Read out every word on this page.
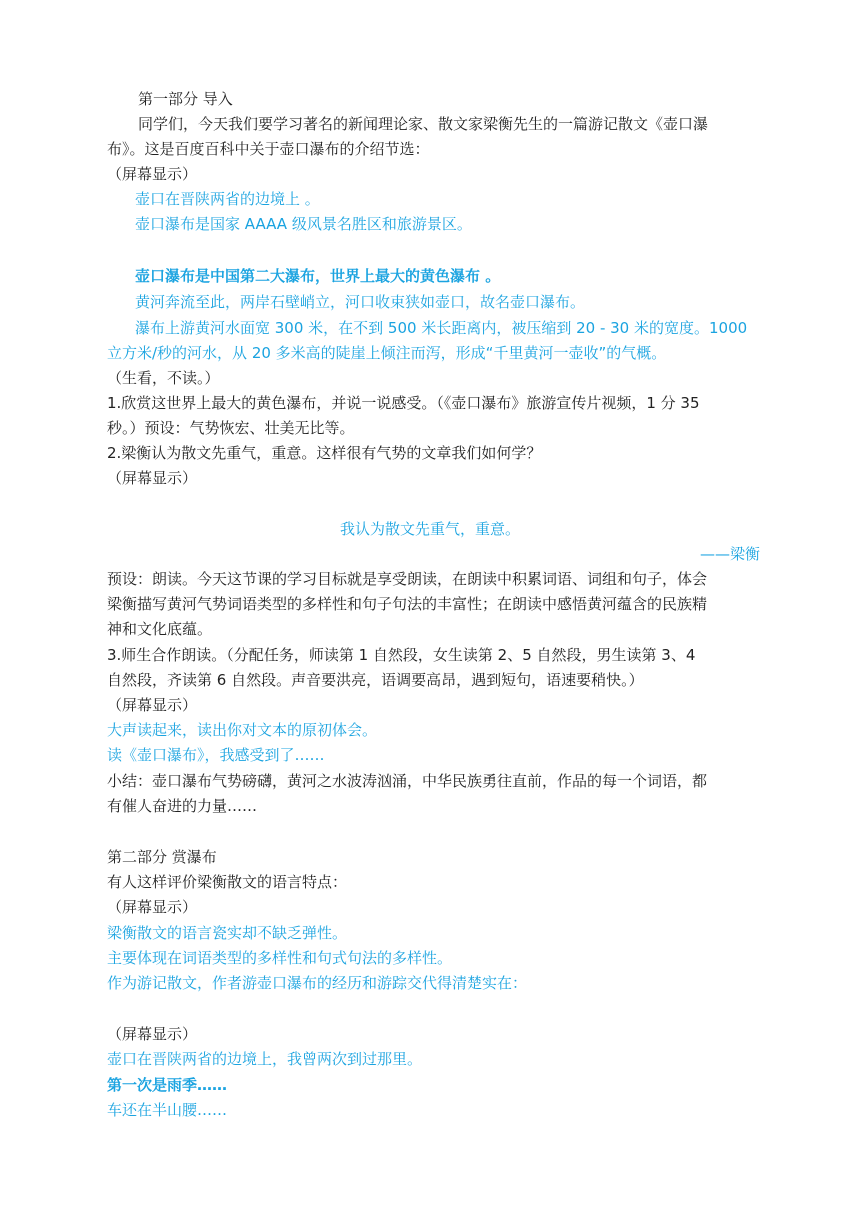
第一部分 导入
同学们，今天我们要学习著名的新闻理论家、散文家梁衡先生的一篇游记散文《壶口瀑
布》。这是百度百科中关于壶口瀑布的介绍节选：
（屏幕显示）
壶口在晋陕两省的边境上 。
壶口瀑布是国家 AAAA 级风景名胜区和旅游景区。
壶口瀑布是中国第二大瀑布，世界上最大的黄色瀑布 。
黄河奔流至此，两岸石壁峭立，河口收束狭如壶口，故名壶口瀑布。
瀑布上游黄河水面宽 300 米，在不到 500 米长距离内，被压缩到 20 - 30 米的宽度。1000
立方米/秒的河水，从 20 多米高的陡崖上倾注而泻，形成“千里黄河一壶收”的气概。
（生看，不读。）
1.欣赏这世界上最大的黄色瀑布，并说一说感受。（《壶口瀑布》旅游宣传片视频，1 分 35
秒。）预设：气势恢宏、壮美无比等。
2.梁衡认为散文先重气，重意。这样很有气势的文章我们如何学？
（屏幕显示）
我认为散文先重气，重意。
——梁衡
预设：朗读。今天这节课的学习目标就是享受朗读，在朗读中积累词语、词组和句子，体会
梁衡描写黄河气势词语类型的多样性和句子句法的丰富性；在朗读中感悟黄河蕴含的民族精
神和文化底蕴。
3.师生合作朗读。（分配任务，师读第 1 自然段，女生读第 2、5 自然段，男生读第 3、4
自然段，齐读第 6 自然段。声音要洪亮，语调要高昂，遇到短句，语速要稍快。）
（屏幕显示）
大声读起来，读出你对文本的原初体会。
读《壶口瀑布》，我感受到了……
小结：壶口瀑布气势磅礴，黄河之水波涛汹涌，中华民族勇往直前，作品的每一个词语，都
有催人奋进的力量……
第二部分 赏瀑布
有人这样评价梁衡散文的语言特点：
（屏幕显示）
梁衡散文的语言瓷实却不缺乏弹性。
主要体现在词语类型的多样性和句式句法的多样性。
作为游记散文，作者游壶口瀑布的经历和游踪交代得清楚实在：
（屏幕显示）
壶口在晋陕两省的边境上，我曾两次到过那里。
第一次是雨季……
车还在半山腰……
